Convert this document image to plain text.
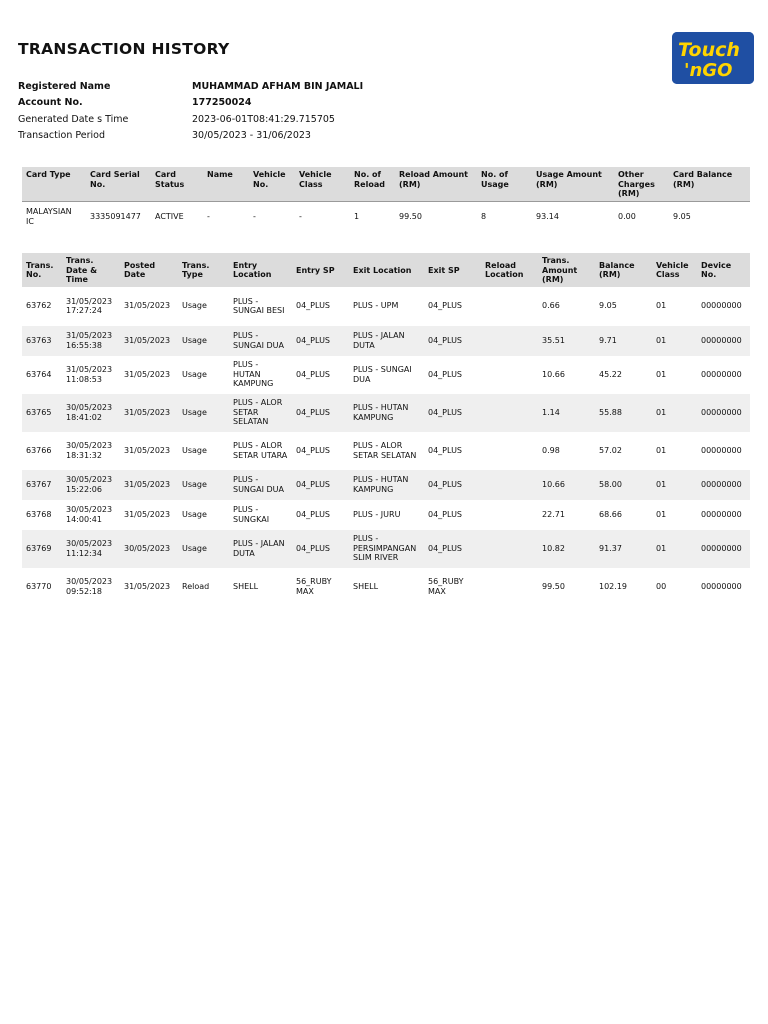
TRANSACTION HISTORY	Touch
'nGO
Registered Name	MUHAMMAD AFHAM BIN JAMALI
Account No.	177250024
Generated Date s Time	2023-06-01T08:41:29.715705
Transaction Period	30/05/2023 - 31/06/2023
Card Type	Card Serial No.	Card Status	Name	Vehicle No.	Vehicle Class	No. of Reload	Reload Amount (RM)	No. of Usage	Usage Amount (RM)	Other Charges (RM)	Card Balance (RM)
MALAYSIAN IC	3335091477	ACTIVE	-	-	-	1	99.50	8	93.14	0.00	9.05
Trans. No.	Trans. Date & Time	Posted Date	Trans. Type	Entry Location	Entry SP	Exit Location	Exit SP	Reload Location	Trans. Amount (RM)	Balance (RM)	Vehicle Class	Device No.
63762	31/05/2023 17:27:24	31/05/2023	Usage	PLUS - SUNGAI BESI	04_PLUS	PLUS - UPM	04_PLUS		0.66	9.05	01	00000000
63763	31/05/2023 16:55:38	31/05/2023	Usage	PLUS - SUNGAI DUA	04_PLUS	PLUS - JALAN DUTA	04_PLUS		35.51	9.71	01	00000000
63764	31/05/2023 11:08:53	31/05/2023	Usage	PLUS - HUTAN KAMPUNG	04_PLUS	PLUS - SUNGAI DUA	04_PLUS		10.66	45.22	01	00000000
63765	30/05/2023 18:41:02	31/05/2023	Usage	PLUS - ALOR SETAR SELATAN	04_PLUS	PLUS - HUTAN KAMPUNG	04_PLUS		1.14	55.88	01	00000000
63766	30/05/2023 18:31:32	31/05/2023	Usage	PLUS - ALOR SETAR UTARA	04_PLUS	PLUS - ALOR SETAR SELATAN	04_PLUS		0.98	57.02	01	00000000
63767	30/05/2023 15:22:06	31/05/2023	Usage	PLUS - SUNGAI DUA	04_PLUS	PLUS - HUTAN KAMPUNG	04_PLUS		10.66	58.00	01	00000000
63768	30/05/2023 14:00:41	31/05/2023	Usage	PLUS - SUNGKAI	04_PLUS	PLUS - JURU	04_PLUS		22.71	68.66	01	00000000
63769	30/05/2023 11:12:34	30/05/2023	Usage	PLUS - JALAN DUTA	04_PLUS	PLUS - PERSIMPANGAN SLIM RIVER	04_PLUS		10.82	91.37	01	00000000
63770	30/05/2023 09:52:18	31/05/2023	Reload	SHELL	56_RUBY MAX	SHELL	56_RUBY MAX		99.50	102.19	00	00000000
